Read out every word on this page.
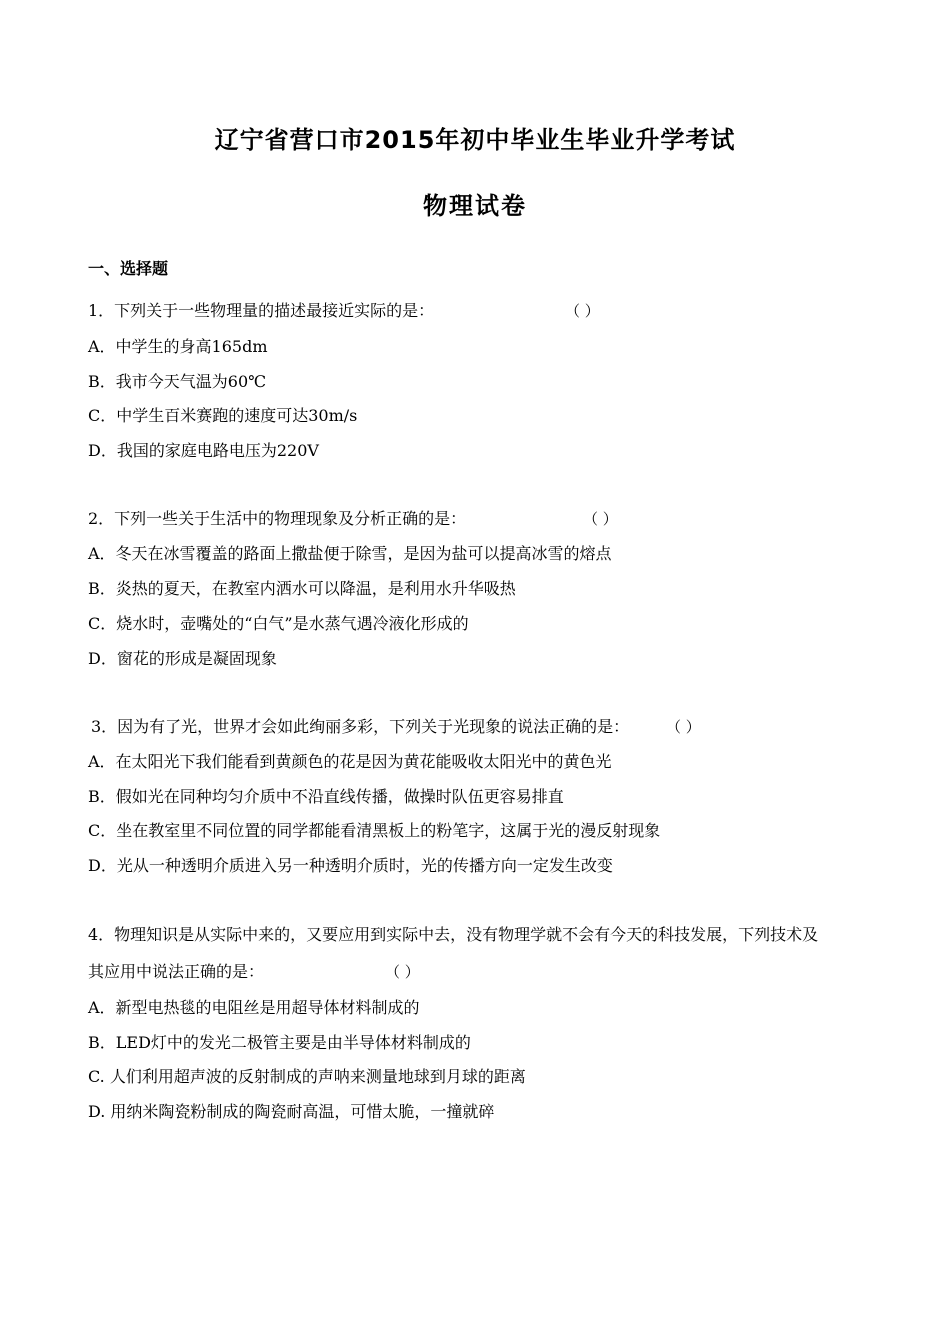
辽宁省营口市2015年初中毕业生毕业升学考试
物理试卷
一、选择题
1．下列关于一些物理量的描述最接近实际的是：	（ ）
A．中学生的身高165dm
B．我市今天气温为60℃
C．中学生百米赛跑的速度可达30m/s
D．我国的家庭电路电压为220V
2．下列一些关于生活中的物理现象及分析正确的是：	（ ）
A．冬天在冰雪覆盖的路面上撒盐便于除雪，是因为盐可以提高冰雪的熔点
B．炎热的夏天，在教室内洒水可以降温，是利用水升华吸热
C．烧水时，壶嘴处的“白气”是水蒸气遇冷液化形成的
D．窗花的形成是凝固现象
3．因为有了光，世界才会如此绚丽多彩，下列关于光现象的说法正确的是： （ ）
A．在太阳光下我们能看到黄颜色的花是因为黄花能吸收太阳光中的黄色光
B．假如光在同种均匀介质中不沿直线传播，做操时队伍更容易排直
C．坐在教室里不同位置的同学都能看清黑板上的粉笔字，这属于光的漫反射现象
D．光从一种透明介质进入另一种透明介质时，光的传播方向一定发生改变
4．物理知识是从实际中来的，又要应用到实际中去，没有物理学就不会有今天的科技发展，下列技术及
其应用中说法正确的是：	（ ）
A．新型电热毯的电阻丝是用超导体材料制成的
B．LED灯中的发光二极管主要是由半导体材料制成的
C. 人们利用超声波的反射制成的声呐来测量地球到月球的距离
D. 用纳米陶瓷粉制成的陶瓷耐高温，可惜太脆，一撞就碎
